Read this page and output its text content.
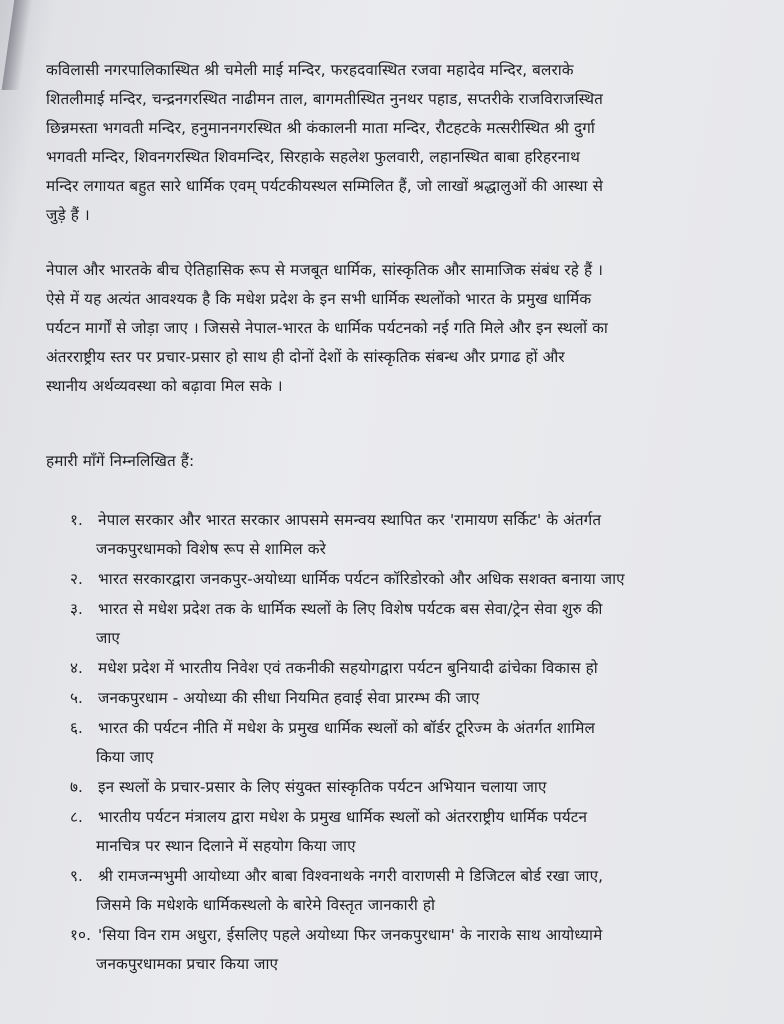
कविलासी नगरपालिकास्थित श्री चमेली माई मन्दिर, फरहदवास्थित रजवा महादेव मन्दिर, बलराके

शितलीमाई मन्दिर, चन्द्रनगरस्थित नाढीमन ताल, बागमतीस्थित नुनथर पहाड, सप्तरीके राजविराजस्थित

छिन्नमस्ता भगवती मन्दिर, हनुमाननगरस्थित श्री कंकालनी माता मन्दिर, रौटहटके मत्सरीस्थित श्री दुर्गा

भगवती मन्दिर, शिवनगरस्थित शिवमन्दिर, सिरहाके सहलेश फुलवारी, लहानस्थित बाबा हरिहरनाथ

मन्दिर लगायत बहुत सारे धार्मिक एवम् पर्यटकीयस्थल सम्मिलित हैं, जो लाखों श्रद्धालुओं की आस्था से

जुड़े हैं ।

नेपाल और भारतके बीच ऐतिहासिक रूप से मजबूत धार्मिक, सांस्कृतिक और सामाजिक संबंध रहे हैं ।

ऐसे में यह अत्यंत आवश्यक है कि मधेश प्रदेश के इन सभी धार्मिक स्थलोंको भारत के प्रमुख धार्मिक

पर्यटन मार्गों से जोड़ा जाए । जिससे नेपाल-भारत के धार्मिक पर्यटनको नई गति मिले और इन स्थलों का

अंतरराष्ट्रीय स्तर पर प्रचार-प्रसार हो साथ ही दोनों देशों के सांस्कृतिक संबन्ध और प्रगाढ हों और

स्थानीय अर्थव्यवस्था को बढ़ावा मिल सके ।

हमारी माँगें निम्नलिखित हैं:
१. नेपाल सरकार और भारत सरकार आपसमे समन्वय स्थापित कर 'रामायण सर्किट' के अंतर्गत
जनकपुरधामको विशेष रूप से शामिल करे
२. भारत सरकारद्वारा जनकपुर-अयोध्या धार्मिक पर्यटन कॉरिडोरको और अधिक सशक्त बनाया जाए
३. भारत से मधेश प्रदेश तक के धार्मिक स्थलों के लिए विशेष पर्यटक बस सेवा/ट्रेन सेवा शुरु की
जाए
४. मधेश प्रदेश में भारतीय निवेश एवं तकनीकी सहयोगद्वारा पर्यटन बुनियादी ढांचेका विकास हो
५. जनकपुरधाम - अयोध्या की सीधा नियमित हवाई सेवा प्रारम्भ की जाए
६. भारत की पर्यटन नीति में मधेश के प्रमुख धार्मिक स्थलों को बॉर्डर टूरिज्म के अंतर्गत शामिल
किया जाए
७. इन स्थलों के प्रचार-प्रसार के लिए संयुक्त सांस्कृतिक पर्यटन अभियान चलाया जाए
८. भारतीय पर्यटन मंत्रालय द्वारा मधेश के प्रमुख धार्मिक स्थलों को अंतरराष्ट्रीय धार्मिक पर्यटन
मानचित्र पर स्थान दिलाने में सहयोग किया जाए
९. श्री रामजन्मभुमी आयोध्या और बाबा विश्वनाथके नगरी वाराणसी मे डिजिटल बोर्ड रखा जाए,
जिसमे कि मधेशके धार्मिकस्थलो के बारेमे विस्तृत जानकारी हो
१०. 'सिया विन राम अधुरा, ईसलिए पहले अयोध्या फिर जनकपुरधाम' के नाराके साथ आयोध्यामे
जनकपुरधामका प्रचार किया जाए
